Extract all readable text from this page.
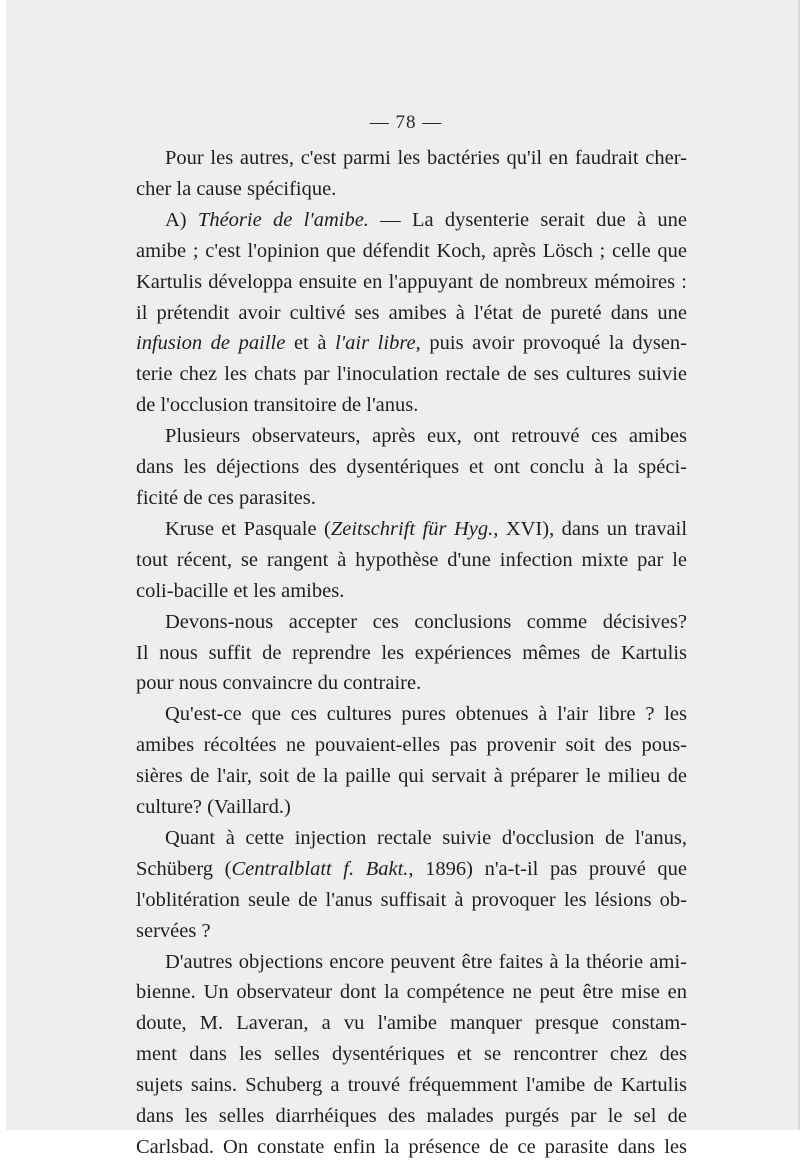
— 78 —
Pour les autres, c'est parmi les bactéries qu'il en faudrait cher-
cher la cause spécifique.
A) Théorie de l'amibe. — La dysenterie serait due à une
amibe ; c'est l'opinion que défendit Koch, après Lösch ; celle que
Kartulis développa ensuite en l'appuyant de nombreux mémoires :
il prétendit avoir cultivé ses amibes à l'état de pureté dans une
infusion de paille et à l'air libre, puis avoir provoqué la dysen-
terie chez les chats par l'inoculation rectale de ses cultures suivie
de l'occlusion transitoire de l'anus.
Plusieurs observateurs, après eux, ont retrouvé ces amibes
dans les déjections des dysentériques et ont conclu à la spéci-
ficité de ces parasites.
Kruse et Pasquale (Zeitschrift für Hyg., XVI), dans un travail
tout récent, se rangent à hypothèse d'une infection mixte par le
coli-bacille et les amibes.
Devons-nous accepter ces conclusions comme décisives?
Il nous suffit de reprendre les expériences mêmes de Kartulis
pour nous convaincre du contraire.
Qu'est-ce que ces cultures pures obtenues à l'air libre ? les
amibes récoltées ne pouvaient-elles pas provenir soit des pous-
sières de l'air, soit de la paille qui servait à préparer le milieu de
culture? (Vaillard.)
Quant à cette injection rectale suivie d'occlusion de l'anus,
Schüberg (Centralblatt f. Bakt., 1896) n'a-t-il pas prouvé que
l'oblitération seule de l'anus suffisait à provoquer les lésions ob-
servées ?
D'autres objections encore peuvent être faites à la théorie ami-
bienne. Un observateur dont la compétence ne peut être mise en
doute, M. Laveran, a vu l'amibe manquer presque constam-
ment dans les selles dysentériques et se rencontrer chez des
sujets sains. Schuberg a trouvé fréquemment l'amibe de Kartulis
dans les selles diarrhéiques des malades purgés par le sel de
Carlsbad. On constate enfin la présence de ce parasite dans les
